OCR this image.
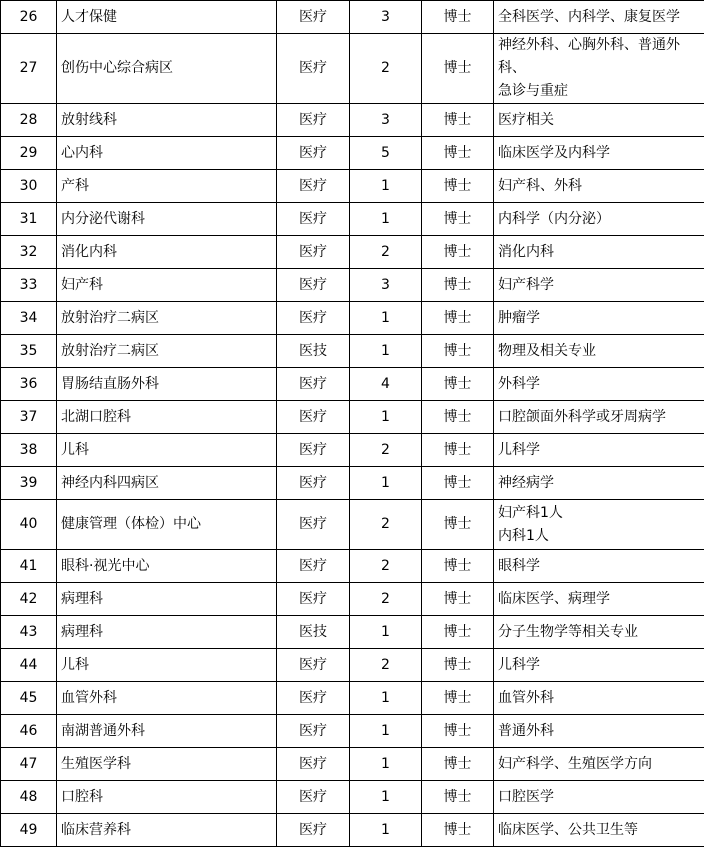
26	人才保健	医疗	3	博士	全科医学、内科学、康复医学

27	创伤中心综合病区	医疗	2	博士	神经外科、心胸外科、普通外科、
急诊与重症

28	放射线科	医疗	3	博士	医疗相关

29	心内科	医疗	5	博士	临床医学及内科学

30	产科	医疗	1	博士	妇产科、外科

31	内分泌代谢科	医疗	1	博士	内科学（内分泌）

32	消化内科	医疗	2	博士	消化内科

33	妇产科	医疗	3	博士	妇产科学

34	放射治疗二病区	医疗	1	博士	肿瘤学

35	放射治疗二病区	医技	1	博士	物理及相关专业

36	胃肠结直肠外科	医疗	4	博士	外科学

37	北湖口腔科	医疗	1	博士	口腔颌面外科学或牙周病学

38	儿科	医疗	2	博士	儿科学

39	神经内科四病区	医疗	1	博士	神经病学

40	健康管理（体检）中心	医疗	2	博士	妇产科1人
内科1人

41	眼科·视光中心	医疗	2	博士	眼科学

42	病理科	医疗	2	博士	临床医学、病理学

43	病理科	医技	1	博士	分子生物学等相关专业

44	儿科	医疗	2	博士	儿科学

45	血管外科	医疗	1	博士	血管外科

46	南湖普通外科	医疗	1	博士	普通外科

47	生殖医学科	医疗	1	博士	妇产科学、生殖医学方向

48	口腔科	医疗	1	博士	口腔医学

49	临床营养科	医疗	1	博士	临床医学、公共卫生等
